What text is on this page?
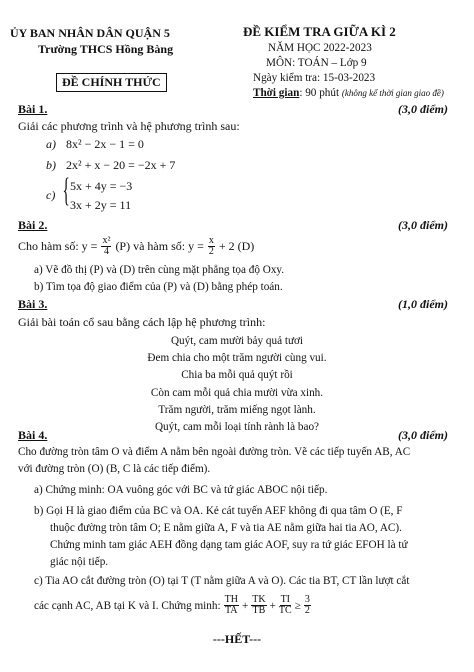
ỦY BAN NHÂN DÂN QUẬN 5
Trường THCS Hồng Bàng
ĐỀ CHÍNH THỨC
ĐỀ KIỂM TRA GIỮA KÌ 2
NĂM HỌC 2022-2023
MÔN: TOÁN – Lớp 9
Ngày kiểm tra: 15-03-2023
Thời gian: 90 phút (không kể thời gian giao đề)
Bài 1.	(3,0 điểm)
Giải các phương trình và hệ phương trình sau:
a) 8x² − 2x − 1 = 0
b) 2x² + x − 20 = −2x + 7
c) { 5x + 4y = −3
3x + 2y = 11
Bài 2.	(3,0 điểm)
Cho hàm số: $y = \frac{\text{x²}}{4} (P)$ và hàm số: $y = \frac{x}{2} + 2$ (D)
a) Vẽ đồ thị (P) và (D) trên cùng mặt phẳng tọa độ Oxy.
b) Tìm tọa độ giao điểm của (P) và (D) bằng phép toán.
Bài 3.	(1,0 điểm)
Giải bài toán cổ sau bằng cách lập hệ phương trình:
Quýt, cam mười bảy quả tươi
Đem chia cho một trăm người cùng vui.
Chia ba mỗi quả quýt rồi
Còn cam mỗi quả chia mười vừa xinh.
Trăm người, trăm miếng ngọt lành.
Quýt, cam mỗi loại tính rành là bao?
Bài 4.	(3,0 điểm)
Cho đường tròn tâm O và điểm A nằm bên ngoài đường tròn. Vẽ các tiếp tuyến AB, AC
với đường tròn (O) (B, C là các tiếp điểm).
a) Chứng minh: OA vuông góc với BC và tứ giác ABOC nội tiếp.
b) Gọi H là giao điểm của BC và OA. Kẻ cát tuyến AEF không đi qua tâm O (E, F
thuộc đường tròn tâm O; E nằm giữa A, F và tia AE nằm giữa hai tia AO, AC).
Chứng minh tam giác AEH đồng dạng tam giác AOF, suy ra tứ giác EFOH là tứ
giác nội tiếp.
c) Tia AO cắt đường tròn (O) tại T (T nằm giữa A và O). Các tia BT, CT lần lượt cắt
các cạnh AC, AB tại K và I. Chứng minh: $\frac{TH}{TA} + \frac{TK}{TB} + \frac{TI}{TC} \ge \frac{3}{2}$
---HẾT---
